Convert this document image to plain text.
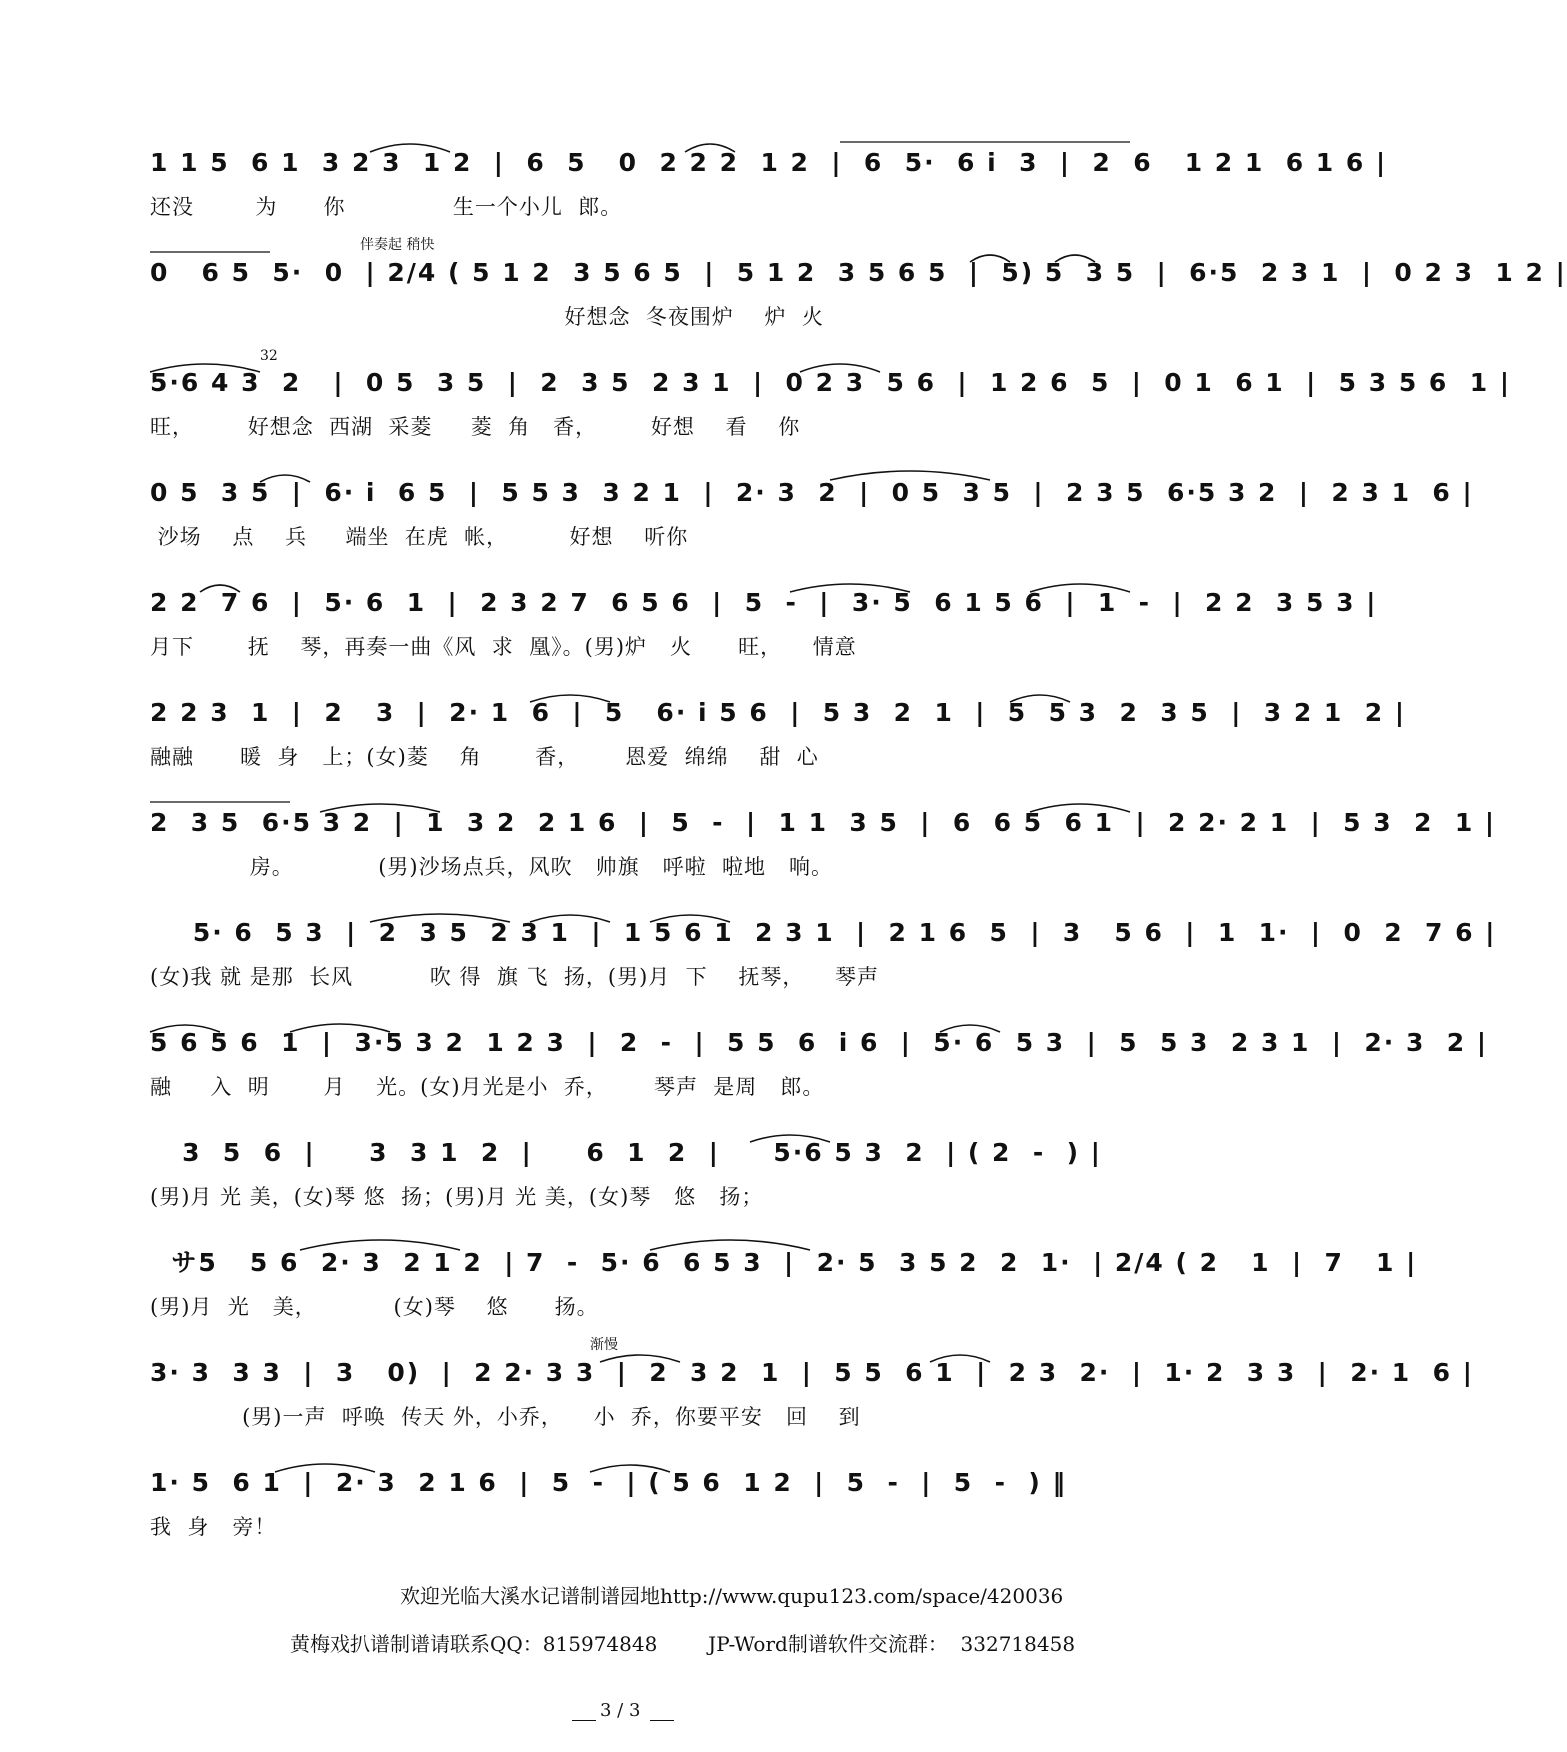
1 1 5  6 1  3 2 3  1 2  |  6  5   0  2 2 2  1 2  |  6  5·  6 i  3  |  2  6   1 2 1  6 1 6 |
还没        为      你              生一个小儿  郎。
伴奏起 稍快
0   6 5  5·  0  | 2/4 ( 5 1 2  3 5 6 5  |  5 1 2  3 5 6 5  |  5) 5  3 5  |  6·5  2 3 1  |  0 2 3  1 2 |
好想念  冬夜围炉    炉  火
32
5·6 4 3  2   |  0 5  3 5  |  2  3 5  2 3 1  |  0 2 3  5 6  |  1 2 6  5  |  0 1  6 1  |  5 3 5 6  1 |
旺，       好想念  西湖  采菱     菱  角   香，       好想    看    你
0 5  3 5  |  6· i  6 5  |  5 5 3  3 2 1  |  2· 3  2  |  0 5  3 5  |  2 3 5  6·5 3 2  |  2 3 1  6 |
沙场    点    兵     端坐  在虎  帐，        好想    听你
2 2  7 6  |  5· 6  1  |  2 3 2 7  6 5 6  |  5  -  |  3· 5  6 1 5 6  |  1  -  |  2 2  3 5 3 |
月下       抚    琴，再奏一曲《风  求  凰》。(男)炉   火      旺，    情意
2 2 3  1  |  2   3  |  2· 1  6  |  5   6· i 5 6  |  5 3  2  1  |  5  5 3  2  3 5  |  3 2 1  2 |
融融      暖  身   上；(女)菱    角       香，      恩爱  绵绵    甜  心
2  3 5  6·5 3 2  |  1  3 2  2 1 6  |  5  -  |  1 1  3 5  |  6  6 5  6 1  |  2 2· 2 1  |  5 3  2  1 |
房。           (男)沙场点兵，风吹   帅旗   呼啦  啦地   响。
5· 6  5 3  |  2  3 5  2 3 1  |  1 5 6 1  2 3 1  |  2 1 6  5  |  3   5 6  |  1  1·  |  0  2  7 6 |
(女)我 就 是那  长风          吹 得  旗 飞  扬，(男)月  下    抚琴，    琴声
5 6 5 6  1  |  3·5 3 2  1 2 3  |  2  -  |  5 5  6  i 6  |  5· 6  5 3  |  5  5 3  2 3 1  |  2· 3  2 |
融     入  明       月    光。(女)月光是小  乔，      琴声  是周   郎。
3  5  6  |     3  3 1  2  |     6  1  2  |     5·6 5 3  2  | ( 2  -  ) |
(男)月 光 美，(女)琴 悠  扬；(男)月 光 美，(女)琴   悠   扬；
サ5   5 6  2· 3  2 1 2  | 7  -  5· 6  6 5 3  |  2· 5  3 5 2  2  1·  | 2/4 ( 2   1  |  7   1 |
(男)月  光   美，          (女)琴    悠      扬。
渐慢
3· 3  3 3  |  3   0)  |  2 2· 3 3  |  2  3 2  1  |  5 5  6 1  |  2 3  2·  |  1· 2  3 3  |  2· 1  6 |
(男)一声  呼唤  传天 外，小乔，    小  乔，你要平安   回    到
1· 5  6 1  |  2· 3  2 1 6  |  5  -  | ( 5 6  1 2  |  5  -  |  5  -  ) ‖
我  身   旁！
欢迎光临大溪水记谱制谱园地http://www.qupu123.com/space/420036
黄梅戏扒谱制谱请联系QQ：815974848        JP-Word制谱软件交流群：  332718458
3 / 3
